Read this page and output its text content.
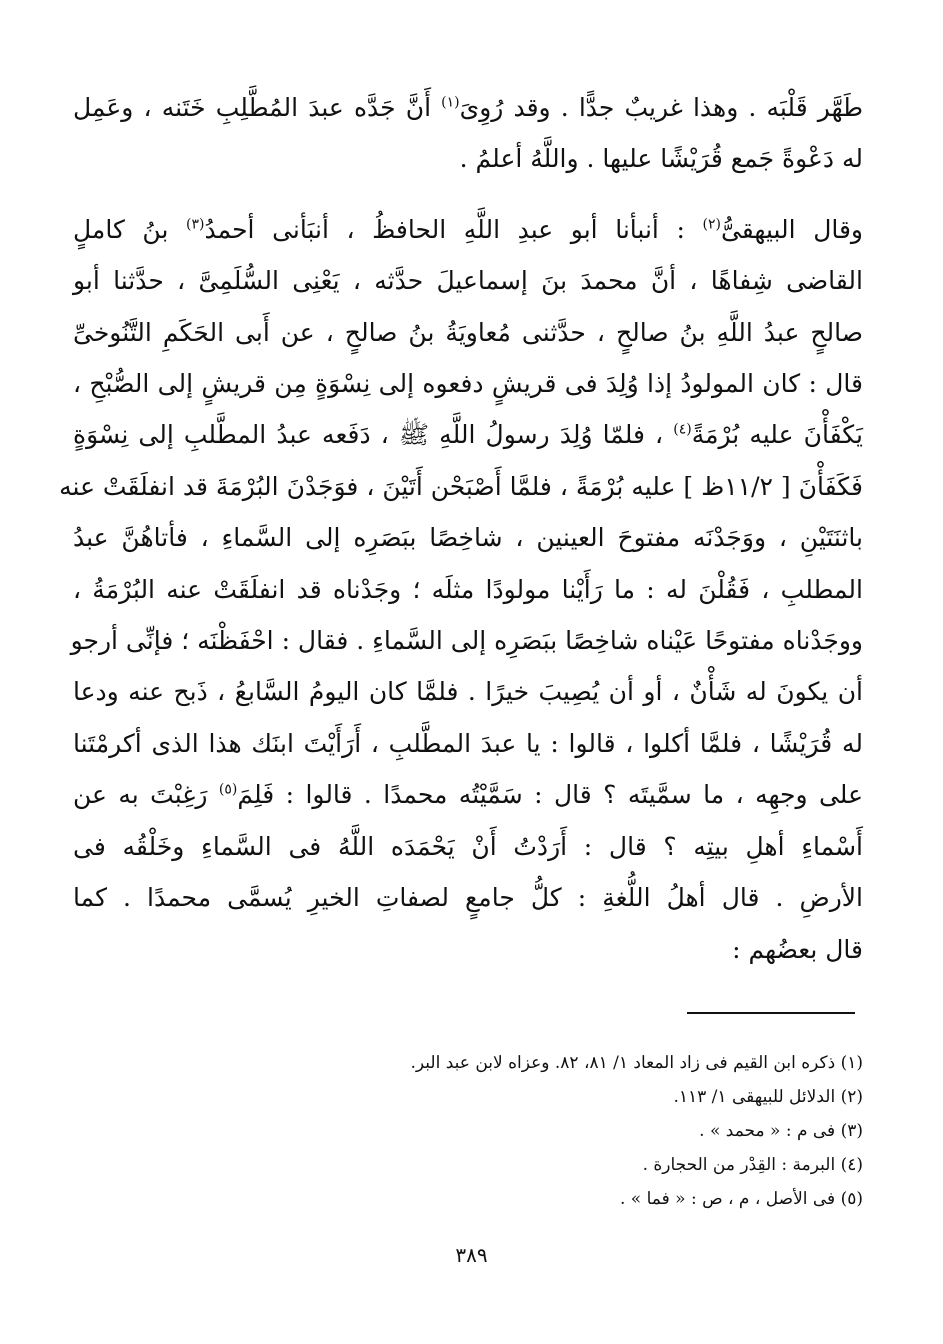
طَهَّر قَلْبَه . وهذا غريبٌ جدًّا . وقد رُوِىَ$^{(١)}$ أَنَّ جَدَّه عبدَ المُطَّلِبِ خَتَنه ، وعَمِل
له دَعْوةً جَمع قُرَيْشًا عليها . واللَّهُ أعلمُ .

وقال البيهقىُّ$^{(٢)}$ : أنبأنا أبو عبدِ اللَّهِ الحافظُ ، أنبَأنى أحمدُ$^{(٣)}$ بنُ كاملٍ
القاضى شِفاهًا ، أنَّ محمدَ بنَ إسماعيلَ حدَّثه ، يَعْنِى السُّلَمِىَّ ، حدَّثنا أبو
صالحٍ عبدُ اللَّهِ بنُ صالحٍ ، حدَّثنى مُعاويَةُ بنُ صالحٍ ، عن أَبى الحَكَمِ التَّنُوخىِّ
قال : كان المولودُ إذا وُلِدَ فى قريشٍ دفعوه إلى نِسْوَةٍ مِن قريشٍ إلى الصُّبْحِ ،
يَكْفَأْنَ عليه بُرْمَةً$^{(٤)}$ ، فلمّا وُلِدَ رسولُ اللَّهِ ﷺ ، دَفَعه عبدُ المطَّلبِ إلى نِسْوَةٍ
فَكَفَأْنَ [ ١١/٢ظ ] عليه بُرْمَةً ، فلمَّا أَصْبَحْن أَتَيْنَ ، فوَجَدْنَ البُرْمَةَ قد انفلَقَتْ عنه
باثنَتَيْنِ ، ووَجَدْنَه مفتوحَ العينين ، شاخِصًا ببَصَرِه إلى السَّماءِ ، فأتاهُنَّ عبدُ
المطلبِ ، فَقُلْنَ له : ما رَأَيْنا مولودًا مثلَه ؛ وجَدْناه قد انفلَقَتْ عنه البُرْمَةُ ،
ووجَدْناه مفتوحًا عَيْناه شاخِصًا ببَصَرِه إلى السَّماءِ . فقال : احْفَظْنَه ؛ فإنِّى أرجو
أن يكونَ له شَأْنٌ ، أو أن يُصِيبَ خيرًا . فلمَّا كان اليومُ السَّابعُ ، ذَبح عنه ودعا
له قُرَيْشًا ، فلمَّا أكلوا ، قالوا : يا عبدَ المطَّلبِ ، أَرَأَيْتَ ابنَك هذا الذى أكرمْتَنا
على وجهِه ، ما سمَّيتَه ؟ قال : سَمَّيْتُه محمدًا . قالوا : فَلِمَ$^{(٥)}$ رَغِبْتَ به عن
أَسْماءِ أهلِ بيتِه ؟ قال : أَرَدْتُ أَنْ يَحْمَدَه اللَّهُ فى السَّماءِ وخَلْقُه فى
الأرضِ . قال أهلُ اللُّغةِ : كلُّ جامعٍ لصفاتِ الخيرِ يُسمَّى محمدًا . كما
قال بعضُهم :

(١) ذكره ابن القيم فى زاد المعاد ١/ ٨١، ٨٢. وعزاه لابن عبد البر.
(٢) الدلائل للبيهقى ١/ ١١٣.
(٣) فى م : « محمد » .
(٤) البرمة : القِدْر من الحجارة .
(٥) فى الأصل ، م ، ص : « فما » .
٣٨٩
